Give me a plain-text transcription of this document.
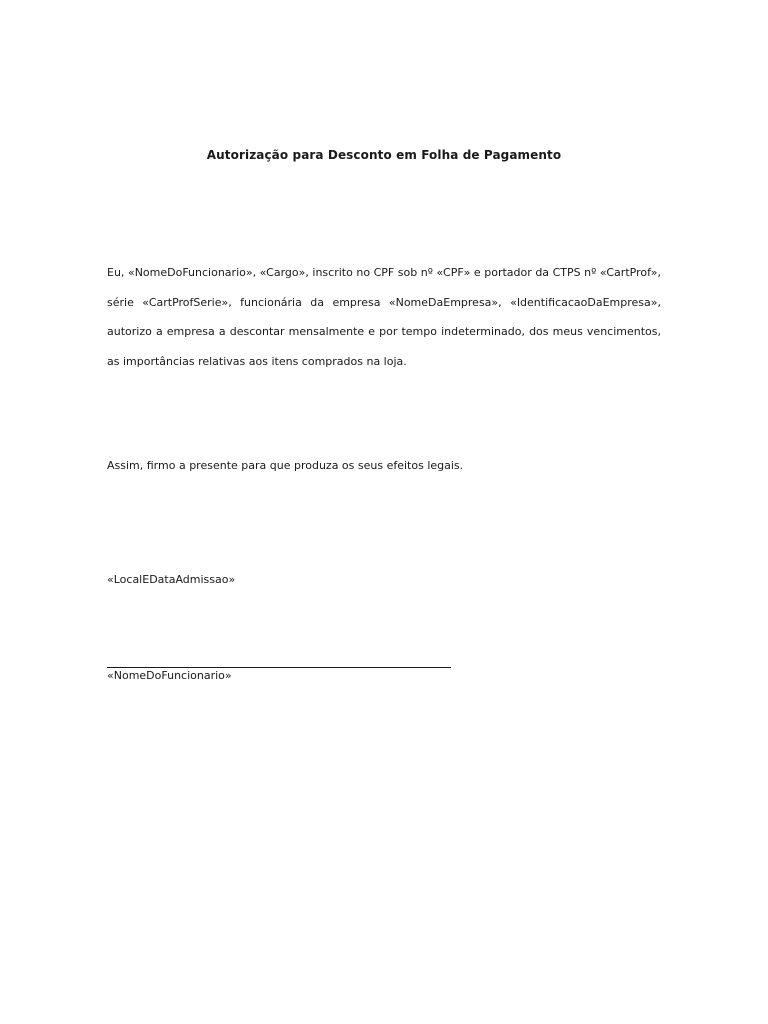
Autorização para Desconto em Folha de Pagamento

Eu, «NomeDoFuncionario», «Cargo», inscrito no CPF sob nº «CPF» e portador da CTPS nº «CartProf», série «CartProfSerie», funcionária da empresa «NomeDaEmpresa», «IdentificacaoDaEmpresa», autorizo a empresa a descontar mensalmente e por tempo indeterminado, dos meus vencimentos, as importâncias relativas aos itens comprados na loja.

Assim, firmo a presente para que produza os seus efeitos legais.

«LocalEDataAdmissao»

«NomeDoFuncionario»
